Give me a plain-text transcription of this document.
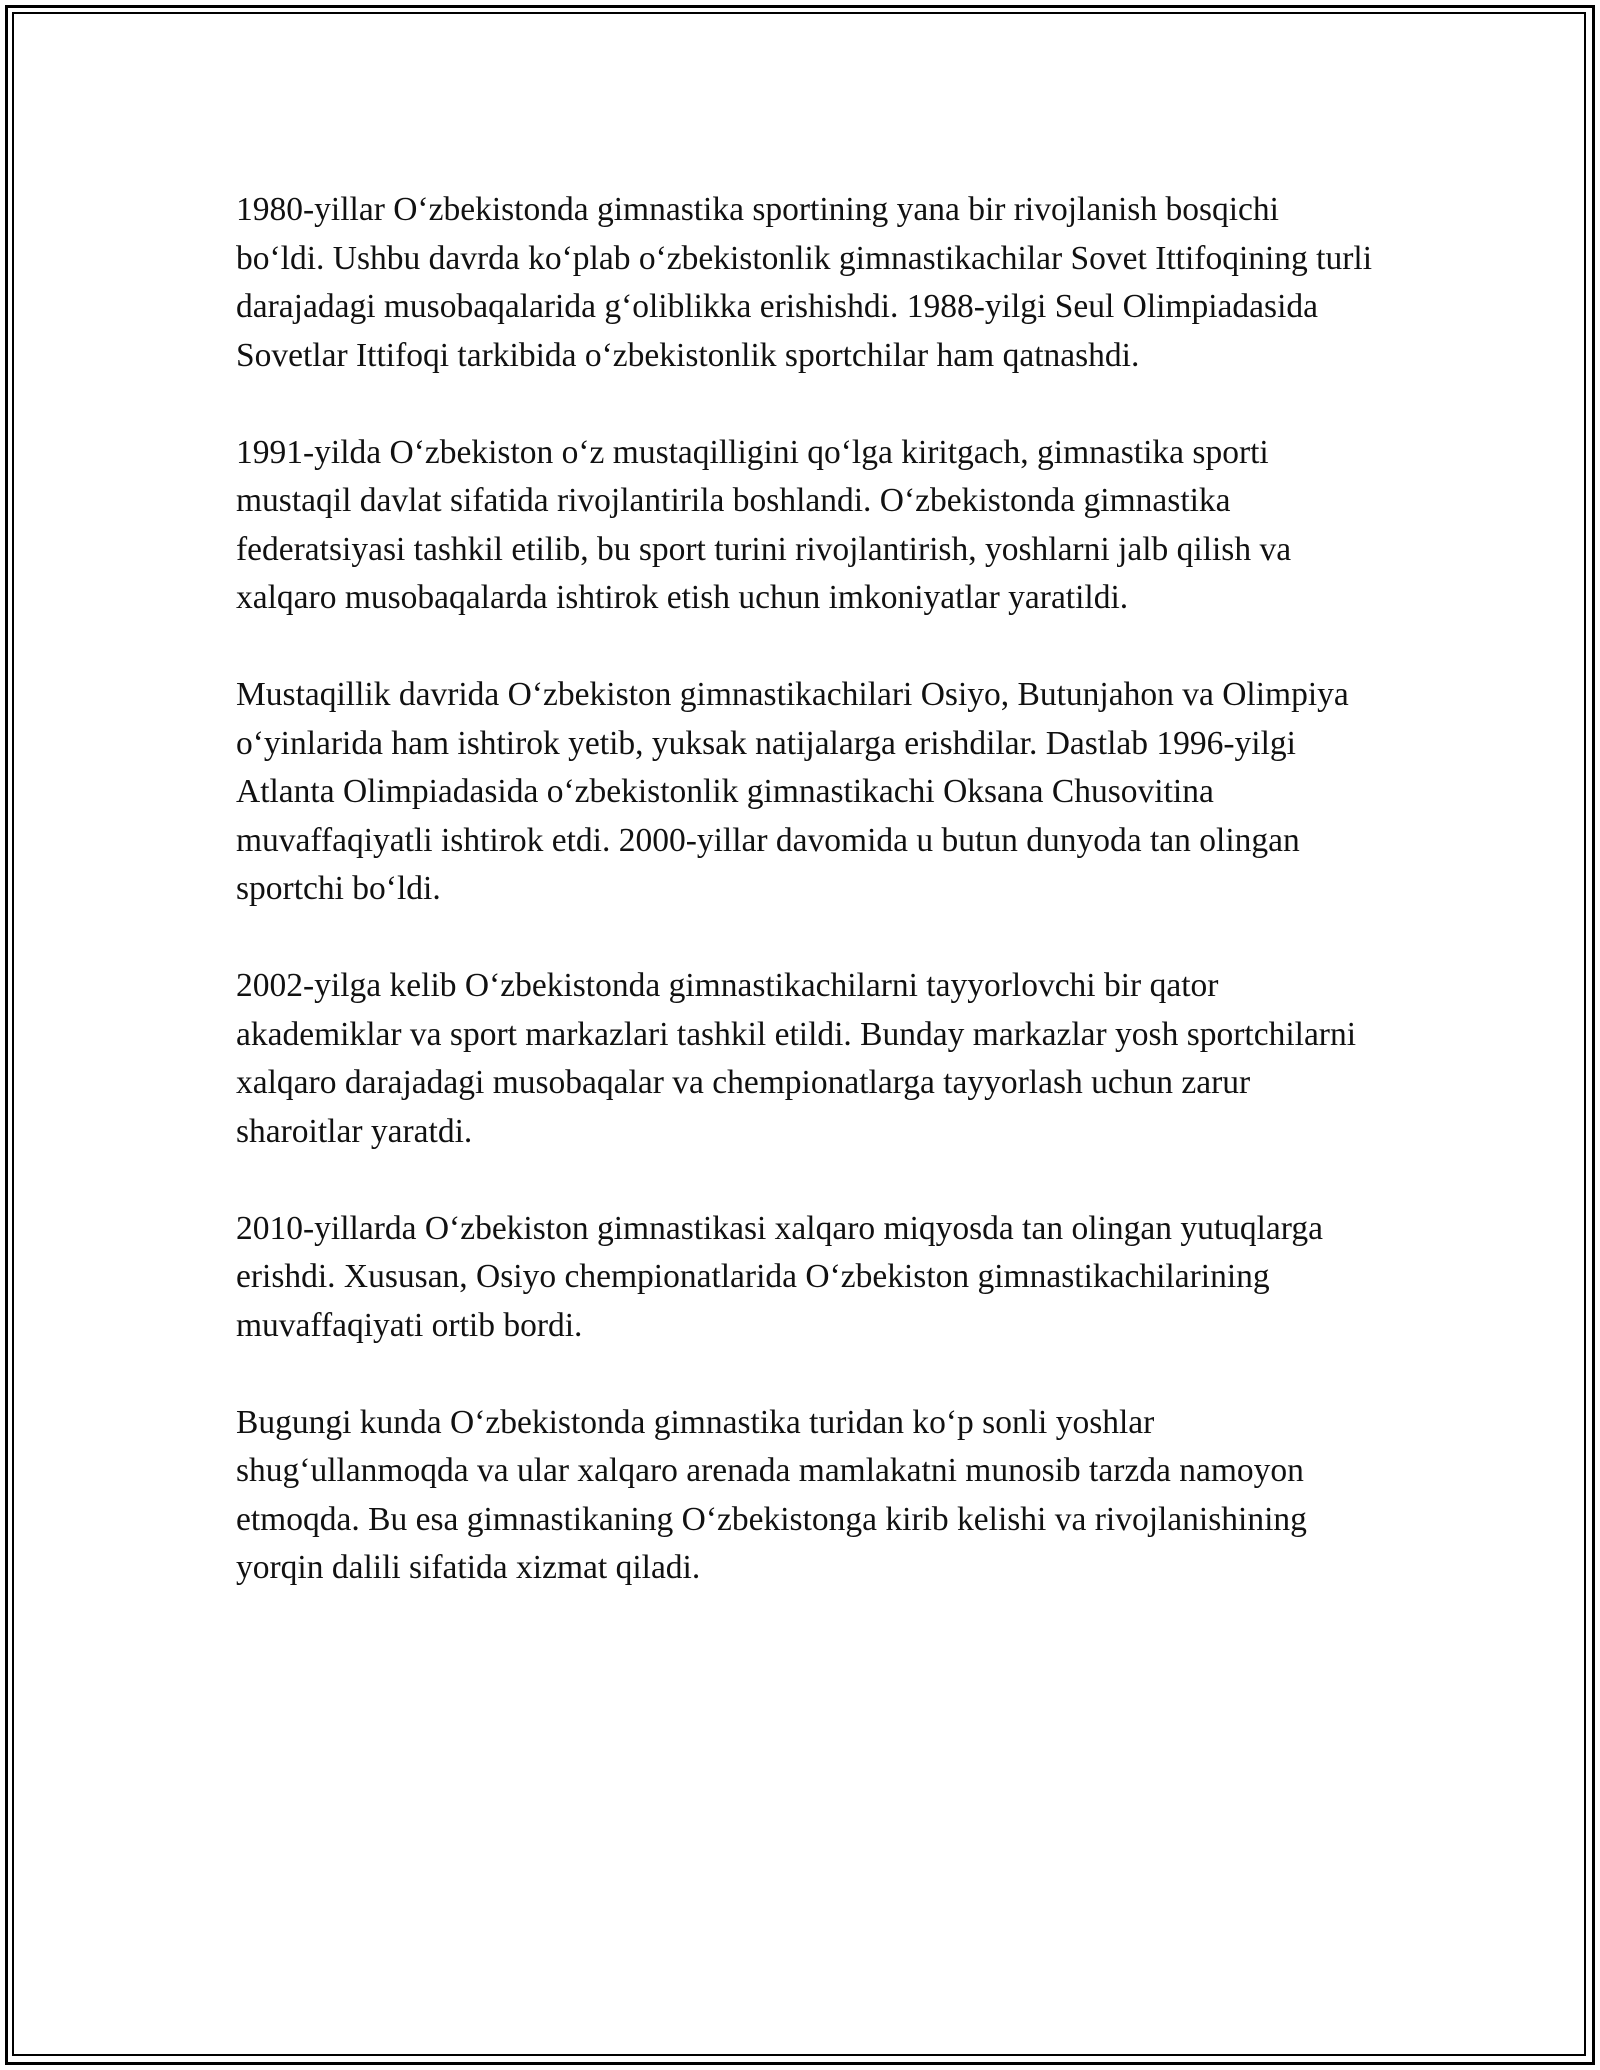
1980-yillar O‘zbekistonda gimnastika sportining yana bir rivojlanish bosqichi bo‘ldi. Ushbu davrda ko‘plab o‘zbekistonlik gimnastikachilar Sovet Ittifoqining turli darajadagi musobaqalarida g‘oliblikka erishishdi. 1988-yilgi Seul Olimpiadasida Sovetlar Ittifoqi tarkibida o‘zbekistonlik sportchilar ham qatnashdi.

1991-yilda O‘zbekiston o‘z mustaqilligini qo‘lga kiritgach, gimnastika sporti mustaqil davlat sifatida rivojlantirila boshlandi. O‘zbekistonda gimnastika federatsiyasi tashkil etilib, bu sport turini rivojlantirish, yoshlarni jalb qilish va xalqaro musobaqalarda ishtirok etish uchun imkoniyatlar yaratildi.

Mustaqillik davrida O‘zbekiston gimnastikachilari Osiyo, Butunjahon va Olimpiya o‘yinlarida ham ishtirok yetib, yuksak natijalarga erishdilar. Dastlab 1996-yilgi Atlanta Olimpiadasida o‘zbekistonlik gimnastikachi Oksana Chusovitina muvaffaqiyatli ishtirok etdi. 2000-yillar davomida u butun dunyoda tan olingan sportchi bo‘ldi.

2002-yilga kelib O‘zbekistonda gimnastikachilarni tayyorlovchi bir qator akademiklar va sport markazlari tashkil etildi. Bunday markazlar yosh sportchilarni xalqaro darajadagi musobaqalar va chempionatlarga tayyorlash uchun zarur sharoitlar yaratdi.

2010-yillarda O‘zbekiston gimnastikasi xalqaro miqyosda tan olingan yutuqlarga erishdi. Xususan, Osiyo chempionatlarida O‘zbekiston gimnastikachilarining muvaffaqiyati ortib bordi.

Bugungi kunda O‘zbekistonda gimnastika turidan ko‘p sonli yoshlar shug‘ullanmoqda va ular xalqaro arenada mamlakatni munosib tarzda namoyon etmoqda. Bu esa gimnastikaning O‘zbekistonga kirib kelishi va rivojlanishining yorqin dalili sifatida xizmat qiladi.
